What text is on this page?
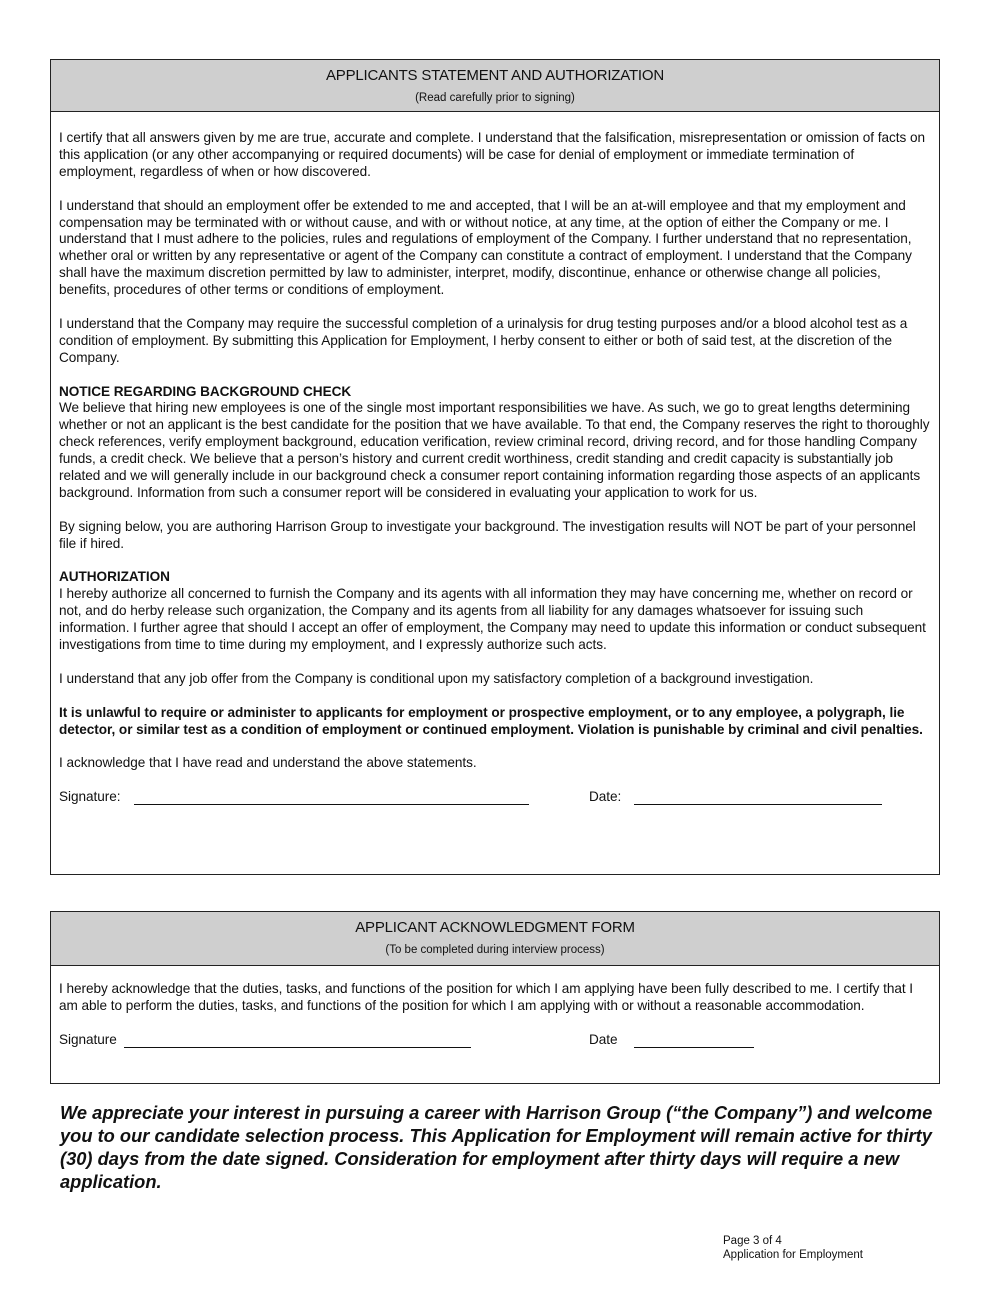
APPLICANTS STATEMENT AND AUTHORIZATION
(Read carefully prior to signing)

I certify that all answers given by me are true, accurate and complete. I understand that the falsification, misrepresentation or omission of facts on this application (or any other accompanying or required documents) will be case for denial of employment or immediate termination of employment, regardless of when or how discovered.

I understand that should an employment offer be extended to me and accepted, that I will be an at-will employee and that my employment and compensation may be terminated with or without cause, and with or without notice, at any time, at the option of either the Company or me. I understand that I must adhere to the policies, rules and regulations of employment of the Company. I further understand that no representation, whether oral or written by any representative or agent of the Company can constitute a contract of employment. I understand that the Company shall have the maximum discretion permitted by law to administer, interpret, modify, discontinue, enhance or otherwise change all policies, benefits, procedures of other terms or conditions of employment.

I understand that the Company may require the successful completion of a urinalysis for drug testing purposes and/or a blood alcohol test as a condition of employment. By submitting this Application for Employment, I herby consent to either or both of said test, at the discretion of the Company.

NOTICE REGARDING BACKGROUND CHECK

We believe that hiring new employees is one of the single most important responsibilities we have. As such, we go to great lengths determining whether or not an applicant is the best candidate for the position that we have available. To that end, the Company reserves the right to thoroughly check references, verify employment background, education verification, review criminal record, driving record, and for those handling Company funds, a credit check. We believe that a person’s history and current credit worthiness, credit standing and credit capacity is substantially job related and we will generally include in our background check a consumer report containing information regarding those aspects of an applicants background. Information from such a consumer report will be considered in evaluating your application to work for us.

By signing below, you are authoring Harrison Group to investigate your background. The investigation results will NOT be part of your personnel file if hired.

AUTHORIZATION

I hereby authorize all concerned to furnish the Company and its agents with all information they may have concerning me, whether on record or not, and do herby release such organization, the Company and its agents from all liability for any damages whatsoever for issuing such information. I further agree that should I accept an offer of employment, the Company may need to update this information or conduct subsequent investigations from time to time during my employment, and I expressly authorize such acts.

I understand that any job offer from the Company is conditional upon my satisfactory completion of a background investigation.

It is unlawful to require or administer to applicants for employment or prospective employment, or to any employee, a polygraph, lie detector, or similar test as a condition of employment or continued employment. Violation is punishable by criminal and civil penalties.

I acknowledge that I have read and understand the above statements.

Signature:	Date:
APPLICANT ACKNOWLEDGMENT FORM
(To be completed during interview process)

I hereby acknowledge that the duties, tasks, and functions of the position for which I am applying have been fully described to me. I certify that I am able to perform the duties, tasks, and functions of the position for which I am applying with or without a reasonable accommodation.

Signature	Date
We appreciate your interest in pursuing a career with Harrison Group (“the Company”) and welcome you to our candidate selection process. This Application for Employment will remain active for thirty (30) days from the date signed. Consideration for employment after thirty days will require a new application.
Page 3 of 4
Application for Employment
